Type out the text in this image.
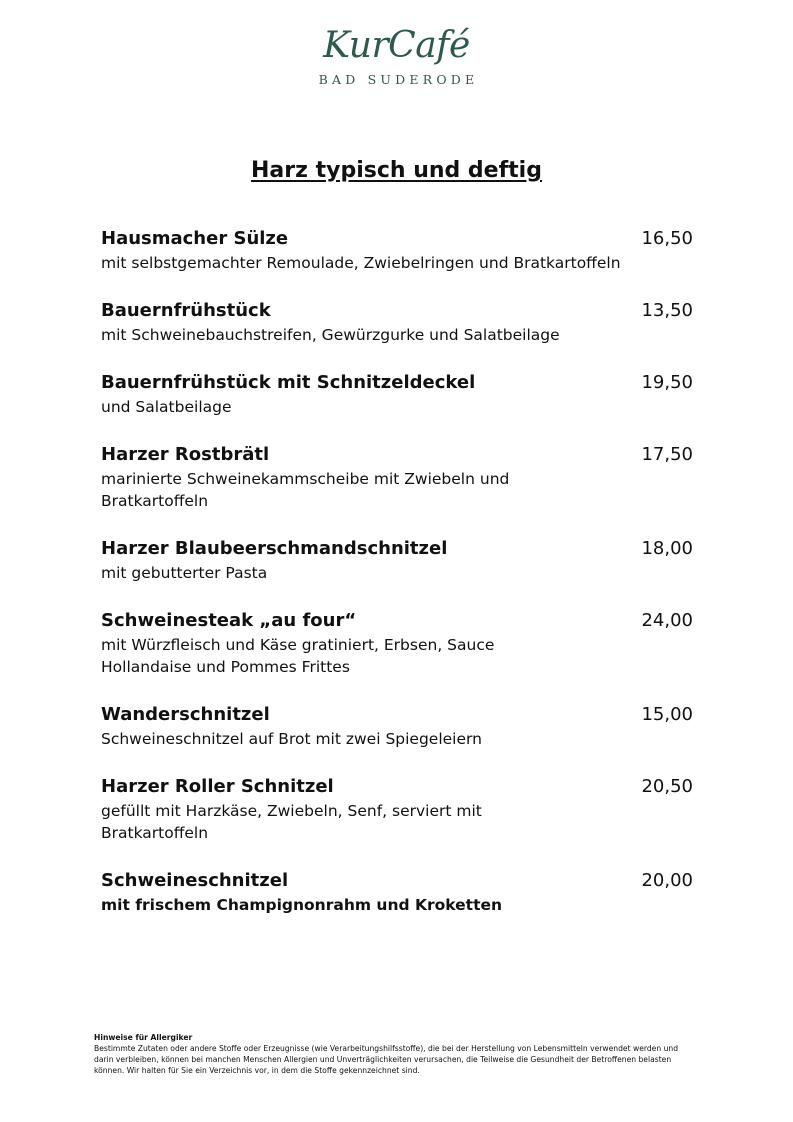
KurCafé
BAD SUDERODE
Harz typisch und deftig
Hausmacher Sülze	16,50
mit selbstgemachter Remoulade, Zwiebelringen und Bratkartoffeln
Bauernfrühstück	13,50
mit Schweinebauchstreifen, Gewürzgurke und Salatbeilage
Bauernfrühstück mit Schnitzeldeckel	19,50
und Salatbeilage
Harzer Rostbrätl	17,50
marinierte Schweinekammscheibe mit Zwiebeln und Bratkartoffeln
Harzer Blaubeerschmandschnitzel	18,00
mit gebutterter Pasta
Schweinesteak „au four“	24,00
mit Würzfleisch und Käse gratiniert, Erbsen, Sauce Hollandaise und Pommes Frittes
Wanderschnitzel	15,00
Schweineschnitzel auf Brot mit zwei Spiegeleiern
Harzer Roller Schnitzel	20,50
gefüllt mit Harzkäse, Zwiebeln, Senf, serviert mit Bratkartoffeln
Schweineschnitzel	20,00
mit frischem Champignonrahm und Kroketten
Hinweise für Allergiker
Bestimmte Zutaten oder andere Stoffe oder Erzeugnisse (wie Verarbeitungshilfsstoffe), die bei der Herstellung von Lebensmitteln verwendet werden und darin verbleiben, können bei manchen Menschen Allergien und Unverträglichkeiten verursachen, die Teilweise die Gesundheit der Betroffenen belasten können. Wir halten für Sie ein Verzeichnis vor, in dem die Stoffe gekennzeichnet sind.
